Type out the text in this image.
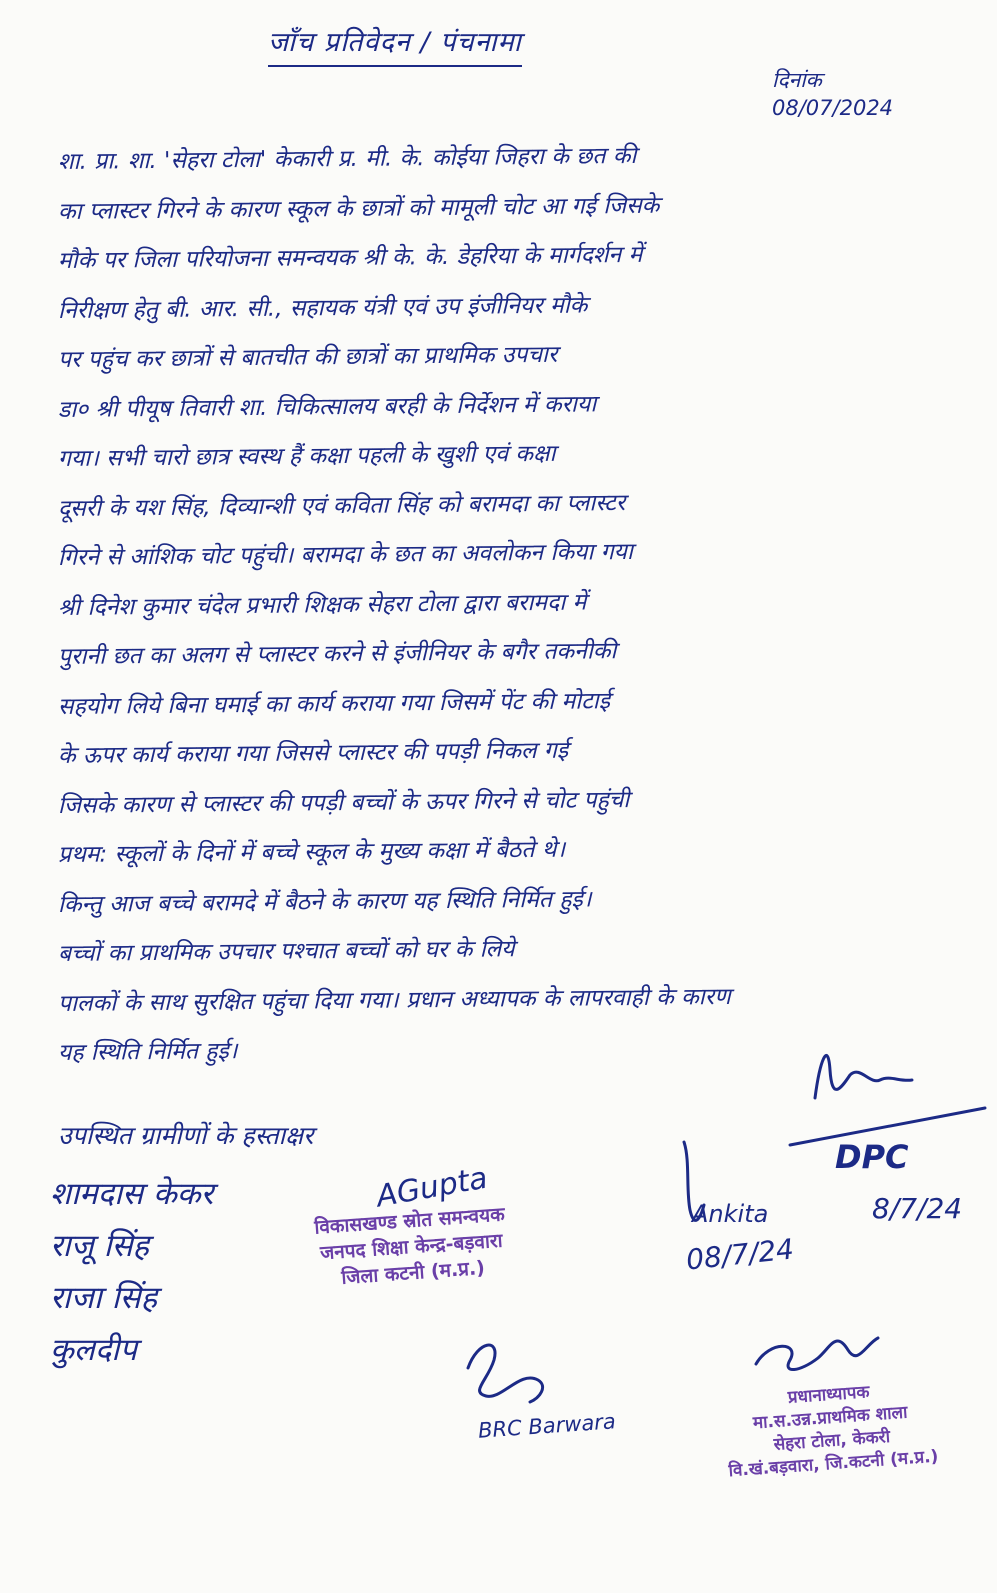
जाँच प्रतिवेदन / पंचनामा
दिनांक
08/07/2024
शा. प्रा. शा. 'सेहरा टोला' केकारी प्र. मी. के. कोईया जिहरा के छत की
का प्लास्टर गिरने के कारण स्कूल के छात्रों को मामूली चोट आ गई जिसके
मौके पर जिला परियोजना समन्वयक श्री के. के. डेहरिया के मार्गदर्शन में
निरीक्षण हेतु बी. आर. सी., सहायक यंत्री एवं उप इंजीनियर मौके
पर पहुंच कर छात्रों से बातचीत की छात्रों का प्राथमिक उपचार
डा० श्री पीयूष तिवारी शा. चिकित्सालय बरही के निर्देशन में कराया
गया। सभी चारो छात्र स्वस्थ हैं कक्षा पहली के खुशी एवं कक्षा
दूसरी के यश सिंह, दिव्यान्शी एवं कविता सिंह को बरामदा का प्लास्टर
गिरने से आंशिक चोट पहुंची। बरामदा के छत का अवलोकन किया गया
श्री दिनेश कुमार चंदेल प्रभारी शिक्षक सेहरा टोला द्वारा बरामदा में
पुरानी छत का अलग से प्लास्टर करने से इंजीनियर के बगैर तकनीकी
सहयोग लिये बिना घमाई का कार्य कराया गया जिसमें पेंट की मोटाई
के ऊपर कार्य कराया गया जिससे प्लास्टर की पपड़ी निकल गई
जिसके कारण से प्लास्टर की पपड़ी बच्चों के ऊपर गिरने से चोट पहुंची
प्रथम: स्कूलों के दिनों में बच्चे स्कूल के मुख्य कक्षा में बैठते थे।
किन्तु आज बच्चे बरामदे में बैठने के कारण यह स्थिति निर्मित हुई।
बच्चों का प्राथमिक उपचार पश्चात बच्चों को घर के लिये
पालकों के साथ सुरक्षित पहुंचा दिया गया। प्रधान अध्यापक के लापरवाही के कारण
यह स्थिति निर्मित हुई।
उपस्थित ग्रामीणों के हस्ताक्षर
शामदास केकर
राजू सिंह
राजा सिंह
कुलदीप
AGupta
विकासखण्ड स्रोत समन्वयक
जनपद शिक्षा केन्द्र-बड़वारा
जिला कटनी (म.प्र.)
DPC
8/7/24
Ankita
08/7/24
BRC Barwara
प्रधानाध्यापक
मा.स.उन्न.प्राथमिक शाला
सेहरा टोला, केकरी
वि.खं.बड़वारा, जि.कटनी (म.प्र.)
